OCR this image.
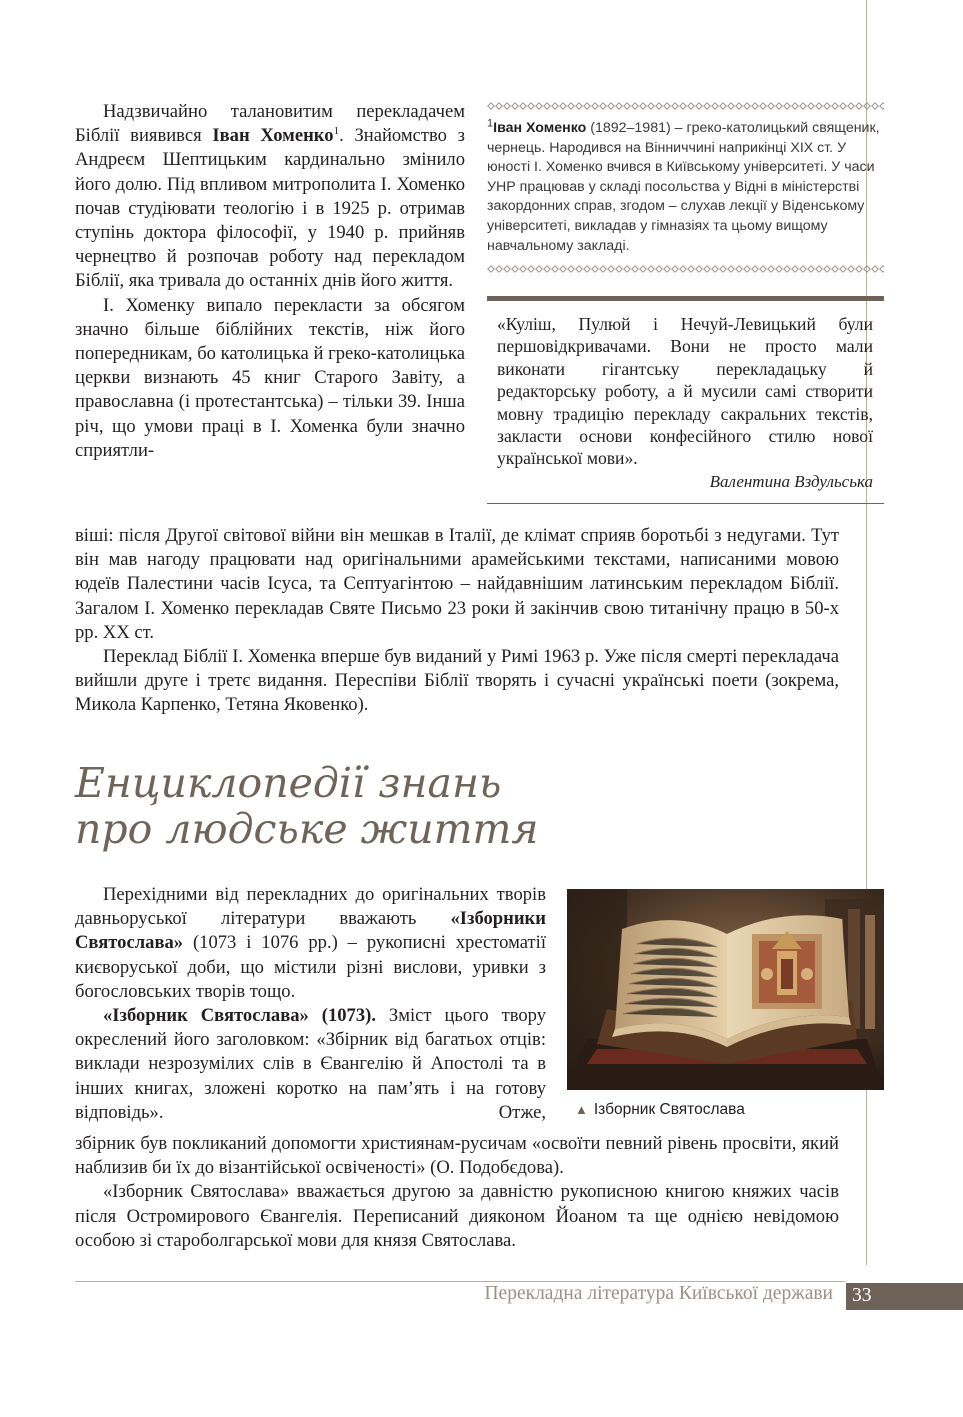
Надзвичайно талановитим перекладачем Біблії виявився Іван Хоменко$^1$. Знайомство з Андреєм Шептицьким кардинально змінило його долю. Під впливом митрополита І. Хоменко почав студіювати теологію і в 1925 р. отримав ступінь доктора філософії, у 1940 р. прийняв чернецтво й розпочав роботу над перекладом Біблії, яка тривала до останніх днів його життя.

І. Хоменку випало перекласти за обсягом значно більше біблійних текстів, ніж його попередникам, бо католицька й греко-католицька церкви визнають 45 книг Старого Завіту, а православна (і протестантська) – тільки 39. Інша річ, що умови праці в І. Хоменка були значно сприятли-

віші: після Другої світової війни він мешкав в Італії, де клімат сприяв боротьбі з недугами. Тут він мав нагоду працювати над оригінальними арамейськими текстами, написаними мовою юдеїв Палестини часів Ісуса, та Септуагінтою – найдавнішим латинським перекладом Біблії. Загалом І. Хоменко перекладав Святе Письмо 23 роки й закінчив свою титанічну працю в 50-х рр. XX ст.

Переклад Біблії І. Хоменка вперше був виданий у Римі 1963 р. Уже після смерті перекладача вийшли друге і третє видання. Переспіви Біблії творять і сучасні українські поети (зокрема, Микола Карпенко, Тетяна Яковенко).

$^1$Іван Хоменко (1892–1981) – греко-католицький священик, чернець. Народився на Вінниччині наприкінці XIX ст. У юності І. Хоменко вчився в Київському університеті. У часи УНР працював у складі посольства у Відні в міністерстві закордонних справ, згодом – слухав лекції у Віденському університеті, викладав у гімназіях та цьому вищому навчальному закладі.

«Куліш, Пулюй і Нечуй-Левицький були першовідкривачами. Вони не просто мали виконати гігантську перекладацьку й редакторську роботу, а й мусили самі створити мовну традицію перекладу сакральних текстів, закласти основи конфесійного стилю нової української мови».

Валентина Вздульська
Енциклопедії знань
про людське життя

Перехідними від перекладних до оригінальних творів давньоруської літератури вважають «Ізборники Святослава» (1073 і 1076 рр.) – рукописні хрестоматії києворуської доби, що містили різні вислови, уривки з богословських творів тощо.

«Ізборник Святослава» (1073). Зміст цього твору окреслений його заголовком: «Збірник від багатьох отців: виклади незрозумілих слів в Євангелію й Апостолі та в інших книгах, зложені коротко на пам’ять і на готову відповідь». Отже,

збірник був покликаний допомогти християнам-русичам «освоїти певний рівень просвіти, який наблизив би їх до візантійської освіченості» (О. Подобєдова).

«Ізборник Святослава» вважається другою за давністю рукописною книгою княжих часів після Остромирового Євангелія. Переписаний дияконом Йоаном та ще однією невідомою особою зі староболгарської мови для князя Святослава.

▲ Ізборник Святослава
Перекладна література Київської держави 33
